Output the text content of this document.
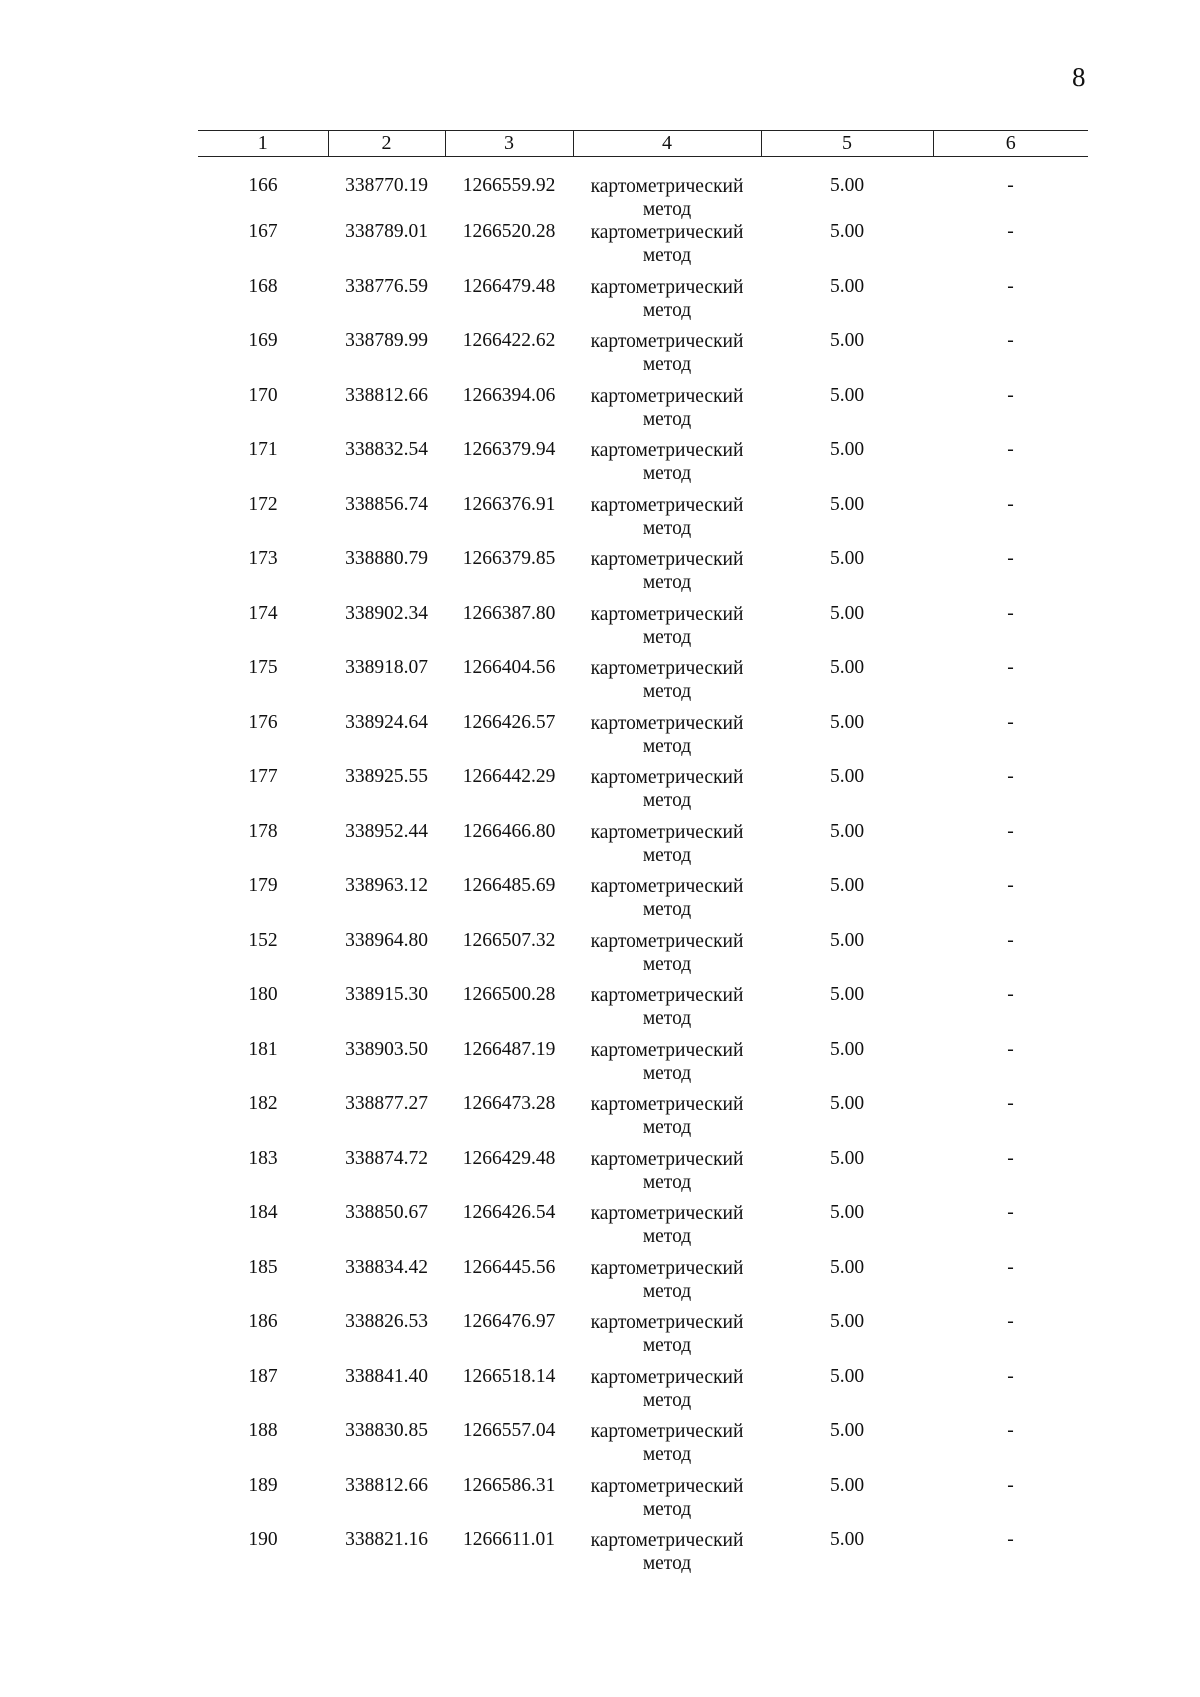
8
1	2	3	4	5	6
166	338770.19	1266559.92	картометрический
метод	5.00	-
167	338789.01	1266520.28	картометрический
метод	5.00	-
168	338776.59	1266479.48	картометрический
метод	5.00	-
169	338789.99	1266422.62	картометрический
метод	5.00	-
170	338812.66	1266394.06	картометрический
метод	5.00	-
171	338832.54	1266379.94	картометрический
метод	5.00	-
172	338856.74	1266376.91	картометрический
метод	5.00	-
173	338880.79	1266379.85	картометрический
метод	5.00	-
174	338902.34	1266387.80	картометрический
метод	5.00	-
175	338918.07	1266404.56	картометрический
метод	5.00	-
176	338924.64	1266426.57	картометрический
метод	5.00	-
177	338925.55	1266442.29	картометрический
метод	5.00	-
178	338952.44	1266466.80	картометрический
метод	5.00	-
179	338963.12	1266485.69	картометрический
метод	5.00	-
152	338964.80	1266507.32	картометрический
метод	5.00	-
180	338915.30	1266500.28	картометрический
метод	5.00	-
181	338903.50	1266487.19	картометрический
метод	5.00	-
182	338877.27	1266473.28	картометрический
метод	5.00	-
183	338874.72	1266429.48	картометрический
метод	5.00	-
184	338850.67	1266426.54	картометрический
метод	5.00	-
185	338834.42	1266445.56	картометрический
метод	5.00	-
186	338826.53	1266476.97	картометрический
метод	5.00	-
187	338841.40	1266518.14	картометрический
метод	5.00	-
188	338830.85	1266557.04	картометрический
метод	5.00	-
189	338812.66	1266586.31	картометрический
метод	5.00	-
190	338821.16	1266611.01	картометрический
метод	5.00	-
